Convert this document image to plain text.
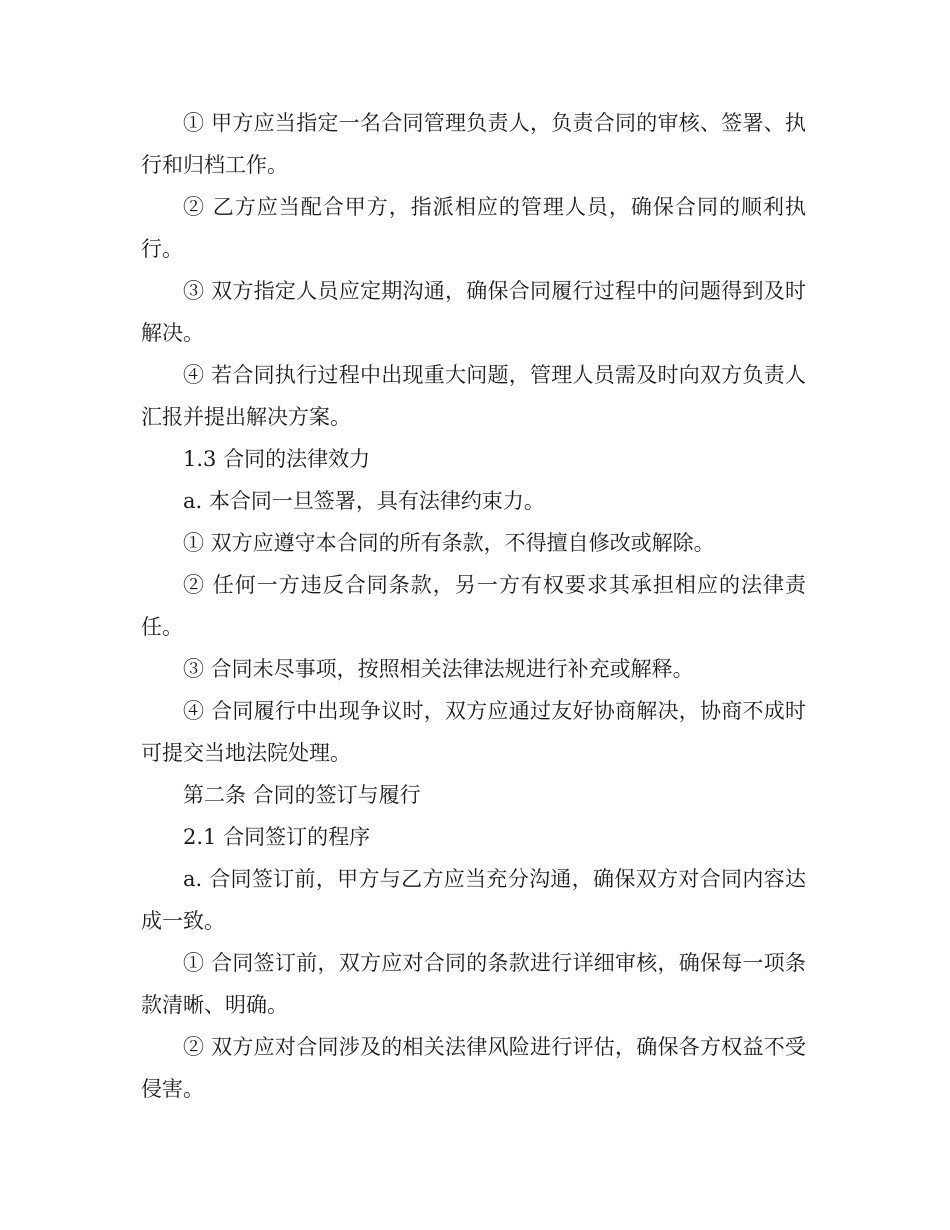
① 甲方应当指定一名合同管理负责人，负责合同的审核、签署、执行和归档工作。

② 乙方应当配合甲方，指派相应的管理人员，确保合同的顺利执行。

③ 双方指定人员应定期沟通，确保合同履行过程中的问题得到及时解决。

④ 若合同执行过程中出现重大问题，管理人员需及时向双方负责人汇报并提出解决方案。

1.3 合同的法律效力

a. 本合同一旦签署，具有法律约束力。

① 双方应遵守本合同的所有条款，不得擅自修改或解除。

② 任何一方违反合同条款，另一方有权要求其承担相应的法律责任。

③ 合同未尽事项，按照相关法律法规进行补充或解释。

④ 合同履行中出现争议时，双方应通过友好协商解决，协商不成时可提交当地法院处理。

第二条 合同的签订与履行

2.1 合同签订的程序

a. 合同签订前，甲方与乙方应当充分沟通，确保双方对合同内容达成一致。

① 合同签订前，双方应对合同的条款进行详细审核，确保每一项条款清晰、明确。

② 双方应对合同涉及的相关法律风险进行评估，确保各方权益不受侵害。
